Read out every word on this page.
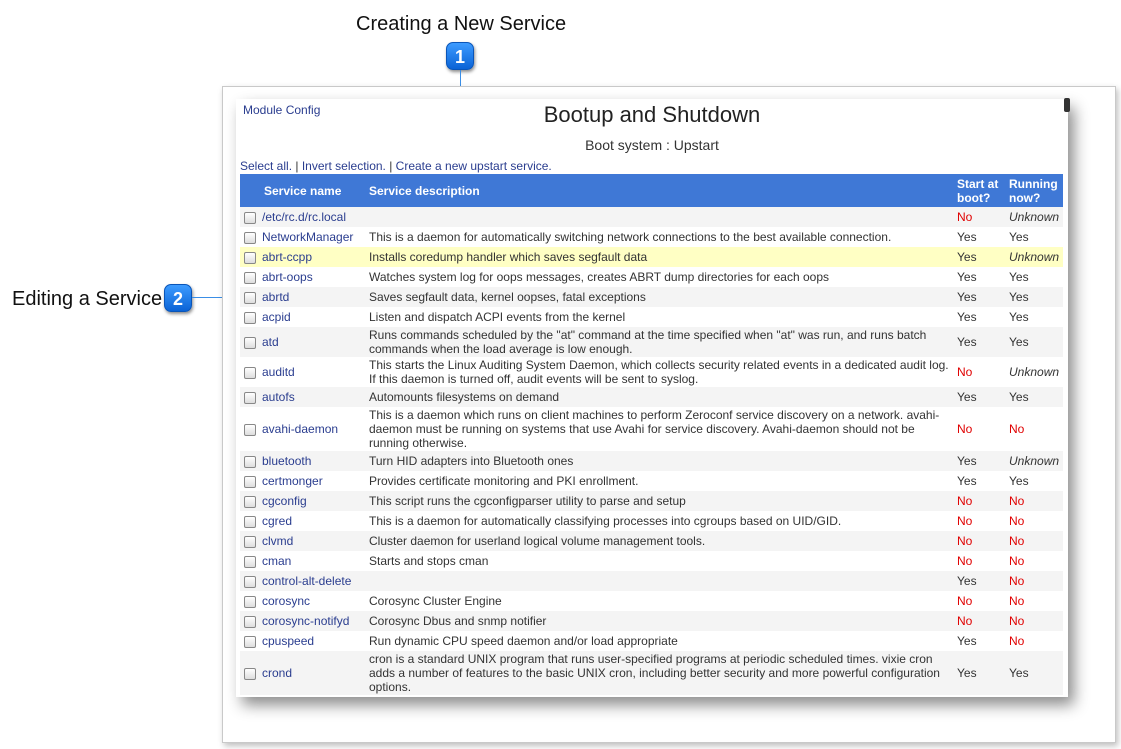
Creating a New Service
1
Editing a Service 2
Bootup and Shutdown
Boot system : Upstart
Module Config
Select all. | Invert selection. | Create a new upstart service.
Service name	Service description	Start at boot?	Running now?
/etc/rc.d/rc.local		No	Unknown
NetworkManager	This is a daemon for automatically switching network connections to the best available connection.	Yes	Yes
abrt-ccpp	Installs coredump handler which saves segfault data	Yes	Unknown
abrt-oops	Watches system log for oops messages, creates ABRT dump directories for each oops	Yes	Yes
abrtd	Saves segfault data, kernel oopses, fatal exceptions	Yes	Yes
acpid	Listen and dispatch ACPI events from the kernel	Yes	Yes
atd	Runs commands scheduled by the "at" command at the time specified when "at" was run, and runs batch commands when the load average is low enough.	Yes	Yes
auditd	This starts the Linux Auditing System Daemon, which collects security related events in a dedicated audit log. If this daemon is turned off, audit events will be sent to syslog.	No	Unknown
autofs	Automounts filesystems on demand	Yes	Yes
avahi-daemon	This is a daemon which runs on client machines to perform Zeroconf service discovery on a network. avahi-daemon must be running on systems that use Avahi for service discovery. Avahi-daemon should not be running otherwise.	No	No
bluetooth	Turn HID adapters into Bluetooth ones	Yes	Unknown
certmonger	Provides certificate monitoring and PKI enrollment.	Yes	Yes
cgconfig	This script runs the cgconfigparser utility to parse and setup	No	No
cgred	This is a daemon for automatically classifying processes into cgroups based on UID/GID.	No	No
clvmd	Cluster daemon for userland logical volume management tools.	No	No
cman	Starts and stops cman	No	No
control-alt-delete		Yes	No
corosync	Corosync Cluster Engine	No	No
corosync-notifyd	Corosync Dbus and snmp notifier	No	No
cpuspeed	Run dynamic CPU speed daemon and/or load appropriate	Yes	No
crond	cron is a standard UNIX program that runs user-specified programs at periodic scheduled times. vixie cron adds a number of features to the basic UNIX cron, including better security and more powerful configuration options.	Yes	Yes
